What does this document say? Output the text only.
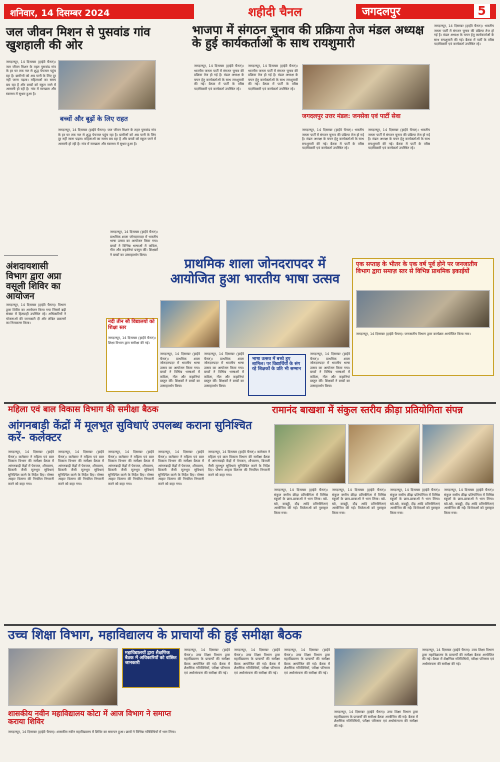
शनिवार, 14 दिसम्बर 2024	शहीदी चैनल	जगदलपुर	5
जल जीवन मिशन से पुसवांड गांव खुशहाली की ओर
जगदलपुर, 14 दिसम्बर (हाईवे चैनल)। जल जीवन मिशन के तहत पुसवांड गांव के हर घर तक नल से शुद्ध पेयजल पहुंच रहा है। ग्रामीणों को अब पानी के लिए दूर नहीं जाना पड़ता। महिलाओं का समय बच रहा है और बच्चों को स्कूल जाने में आसानी हो रही है। गांव में स्वच्छता और स्वास्थ्य में सुधार हुआ है।
बच्चों और बूढ़ों के लिए राहत
जगदलपुर, 14 दिसम्बर (हाईवे चैनल)। जल जीवन मिशन के तहत पुसवांड गांव के हर घर तक नल से शुद्ध पेयजल पहुंच रहा है। ग्रामीणों को अब पानी के लिए दूर नहीं जाना पड़ता। महिलाओं का समय बच रहा है और बच्चों को स्कूल जाने में आसानी हो रही है। गांव में स्वच्छता और स्वास्थ्य में सुधार हुआ है।
अंशदायशासी विभाग द्वारा अप्रा वसूली शिविर का आयोजन
जगदलपुर, 14 दिसम्बर (हाईवे चैनल)। विभाग द्वारा शिविर का आयोजन किया गया जिसमें बड़ी संख्या में हितग्राही उपस्थित रहे। अधिकारियों ने योजनाओं की जानकारी दी और लंबित प्रकरणों का निराकरण किया।
जगदलपुर, 14 दिसम्बर (हाईवे चैनल)। प्राथमिक शाला जोनदरापदर में भारतीय भाषा उत्सव का आयोजन किया गया। बच्चों ने विभिन्न भाषाओं में कविता, गीत और कहानियां प्रस्तुत कीं। शिक्षकों ने बच्चों का उत्साहवर्धन किया।
भाजपा में संगठन चुनाव की प्रक्रिया तेज मंडल अध्यक्ष के हुई कार्यकर्ताओं के साथ रायशुमारी
जगदलपुर, 14 दिसम्बर (हाईवे चैनल)। भारतीय जनता पार्टी में संगठन चुनाव की प्रक्रिया तेज हो गई है। मंडल अध्यक्ष के चयन हेतु कार्यकर्ताओं के साथ रायशुमारी की गई। बैठक में पार्टी के वरिष्ठ पदाधिकारी एवं कार्यकर्ता उपस्थित रहे।
जगदलपुर, 14 दिसम्बर (हाईवे चैनल)। भारतीय जनता पार्टी में संगठन चुनाव की प्रक्रिया तेज हो गई है। मंडल अध्यक्ष के चयन हेतु कार्यकर्ताओं के साथ रायशुमारी की गई। बैठक में पार्टी के वरिष्ठ पदाधिकारी एवं कार्यकर्ता उपस्थित रहे।
जगदलपुर उत्तर मंडल: जनसेवा एवं पार्टी सेवा
जगदलपुर, 14 दिसम्बर (हाईवे चैनल)। भारतीय जनता पार्टी में संगठन चुनाव की प्रक्रिया तेज हो गई है। मंडल अध्यक्ष के चयन हेतु कार्यकर्ताओं के साथ रायशुमारी की गई। बैठक में पार्टी के वरिष्ठ पदाधिकारी एवं कार्यकर्ता उपस्थित रहे।
जगदलपुर, 14 दिसम्बर (हाईवे चैनल)। भारतीय जनता पार्टी में संगठन चुनाव की प्रक्रिया तेज हो गई है। मंडल अध्यक्ष के चयन हेतु कार्यकर्ताओं के साथ रायशुमारी की गई। बैठक में पार्टी के वरिष्ठ पदाधिकारी एवं कार्यकर्ता उपस्थित रहे।
जगदलपुर, 14 दिसम्बर (हाईवे चैनल)। भारतीय जनता पार्टी में संगठन चुनाव की प्रक्रिया तेज हो गई है। मंडल अध्यक्ष के चयन हेतु कार्यकर्ताओं के साथ रायशुमारी की गई। बैठक में पार्टी के वरिष्ठ पदाधिकारी एवं कार्यकर्ता उपस्थित रहे।
एक सप्ताह के भीतर के एक वर्ष पूर्व होने पर जनजातीय विभाग द्वारा समाज़ स्तर से विभिन्न प्राथमिक इकाईयों
जगदलपुर, 14 दिसम्बर (हाईवे चैनल)। जनजातीय विभाग द्वारा कार्यक्रम आयोजित किया गया।
प्राथमिक शाला जोनदरापदर में आयोजित हुआ भारतीय भाषा उत्सव
जगदलपुर, 14 दिसम्बर (हाईवे चैनल)। प्राथमिक शाला जोनदरापदर में भारतीय भाषा उत्सव का आयोजन किया गया। बच्चों ने विभिन्न भाषाओं में कविता, गीत और कहानियां प्रस्तुत कीं। शिक्षकों ने बच्चों का उत्साहवर्धन किया।
जगदलपुर, 14 दिसम्बर (हाईवे चैनल)। प्राथमिक शाला जोनदरापदर में भारतीय भाषा उत्सव का आयोजन किया गया। बच्चों ने विभिन्न भाषाओं में कविता, गीत और कहानियां प्रस्तुत कीं। शिक्षकों ने बच्चों का उत्साहवर्धन किया।
भाषा उत्सव में बच्चे हुए शामिल। पर विद्यार्थियों के संग रहे शिक्षकों के प्रति भी सम्मान
जगदलपुर, 14 दिसम्बर (हाईवे चैनल)। प्राथमिक शाला जोनदरापदर में भारतीय भाषा उत्सव का आयोजन किया गया। बच्चों ने विभिन्न भाषाओं में कविता, गीत और कहानियां प्रस्तुत कीं। शिक्षकों ने बच्चों का उत्साहवर्धन किया।
नदी तीन सौ विद्यालयों को शिक्षा स्तर
जगदलपुर, 14 दिसम्बर (हाईवे चैनल)। शिक्षा विभाग द्वारा समीक्षा की गई।
महिला एवं बाल विकास विभाग की समीक्षा बैठक
आंगनबाड़ी केंद्रों में मूलभूत सुविधाएं उपलब्ध कराना सुनिश्चित करें- कलेक्टर
जगदलपुर, 14 दिसम्बर (हाईवे चैनल)। कलेक्टर ने महिला एवं बाल विकास विभाग की समीक्षा बैठक में आंगनबाड़ी केंद्रों में पेयजल, शौचालय, बिजली जैसी मूलभूत सुविधाएं सुनिश्चित करने के निर्देश दिए। पोषण आहार वितरण की नियमित निगरानी करने को कहा गया।
जगदलपुर, 14 दिसम्बर (हाईवे चैनल)। कलेक्टर ने महिला एवं बाल विकास विभाग की समीक्षा बैठक में आंगनबाड़ी केंद्रों में पेयजल, शौचालय, बिजली जैसी मूलभूत सुविधाएं सुनिश्चित करने के निर्देश दिए। पोषण आहार वितरण की नियमित निगरानी करने को कहा गया।
जगदलपुर, 14 दिसम्बर (हाईवे चैनल)। कलेक्टर ने महिला एवं बाल विकास विभाग की समीक्षा बैठक में आंगनबाड़ी केंद्रों में पेयजल, शौचालय, बिजली जैसी मूलभूत सुविधाएं सुनिश्चित करने के निर्देश दिए। पोषण आहार वितरण की नियमित निगरानी करने को कहा गया।
जगदलपुर, 14 दिसम्बर (हाईवे चैनल)। कलेक्टर ने महिला एवं बाल विकास विभाग की समीक्षा बैठक में आंगनबाड़ी केंद्रों में पेयजल, शौचालय, बिजली जैसी मूलभूत सुविधाएं सुनिश्चित करने के निर्देश दिए। पोषण आहार वितरण की नियमित निगरानी करने को कहा गया।
जगदलपुर, 14 दिसम्बर (हाईवे चैनल)। कलेक्टर ने महिला एवं बाल विकास विभाग की समीक्षा बैठक में आंगनबाड़ी केंद्रों में पेयजल, शौचालय, बिजली जैसी मूलभूत सुविधाएं सुनिश्चित करने के निर्देश दिए। पोषण आहार वितरण की नियमित निगरानी करने को कहा गया।
रामानंद बाखशा में संकुल स्तरीय क्रीड़ा प्रतियोगिता संपन्न
जगदलपुर, 14 दिसम्बर (हाईवे चैनल)। संकुल स्तरीय क्रीड़ा प्रतियोगिता में विभिन्न स्कूलों के छात्र-छात्राओं ने भाग लिया। खो-खो, कबड्डी, दौड़ आदि प्रतियोगिताएं आयोजित की गईं। विजेताओं को पुरस्कृत किया गया।
जगदलपुर, 14 दिसम्बर (हाईवे चैनल)। संकुल स्तरीय क्रीड़ा प्रतियोगिता में विभिन्न स्कूलों के छात्र-छात्राओं ने भाग लिया। खो-खो, कबड्डी, दौड़ आदि प्रतियोगिताएं आयोजित की गईं। विजेताओं को पुरस्कृत किया गया।
जगदलपुर, 14 दिसम्बर (हाईवे चैनल)। संकुल स्तरीय क्रीड़ा प्रतियोगिता में विभिन्न स्कूलों के छात्र-छात्राओं ने भाग लिया। खो-खो, कबड्डी, दौड़ आदि प्रतियोगिताएं आयोजित की गईं। विजेताओं को पुरस्कृत किया गया।
जगदलपुर, 14 दिसम्बर (हाईवे चैनल)। संकुल स्तरीय क्रीड़ा प्रतियोगिता में विभिन्न स्कूलों के छात्र-छात्राओं ने भाग लिया। खो-खो, कबड्डी, दौड़ आदि प्रतियोगिताएं आयोजित की गईं। विजेताओं को पुरस्कृत किया गया।
उच्च शिक्षा विभाग, महाविद्यालय के प्राचार्यों की हुई समीक्षा बैठक
महाविद्यालयों द्वारा शैक्षणिक बैठक में अधिकारियों को वांछित जानकारी
जगदलपुर, 14 दिसम्बर (हाईवे चैनल)। उच्च शिक्षा विभाग द्वारा महाविद्यालय के प्राचार्यों की समीक्षा बैठक आयोजित की गई। बैठक में शैक्षणिक गतिविधियों, परीक्षा परिणाम एवं अधोसंरचना की समीक्षा की गई।
जगदलपुर, 14 दिसम्बर (हाईवे चैनल)। उच्च शिक्षा विभाग द्वारा महाविद्यालय के प्राचार्यों की समीक्षा बैठक आयोजित की गई। बैठक में शैक्षणिक गतिविधियों, परीक्षा परिणाम एवं अधोसंरचना की समीक्षा की गई।
जगदलपुर, 14 दिसम्बर (हाईवे चैनल)। उच्च शिक्षा विभाग द्वारा महाविद्यालय के प्राचार्यों की समीक्षा बैठक आयोजित की गई। बैठक में शैक्षणिक गतिविधियों, परीक्षा परिणाम एवं अधोसंरचना की समीक्षा की गई।
जगदलपुर, 14 दिसम्बर (हाईवे चैनल)। उच्च शिक्षा विभाग द्वारा महाविद्यालय के प्राचार्यों की समीक्षा बैठक आयोजित की गई। बैठक में शैक्षणिक गतिविधियों, परीक्षा परिणाम एवं अधोसंरचना की समीक्षा की गई।
जगदलपुर, 14 दिसम्बर (हाईवे चैनल)। उच्च शिक्षा विभाग द्वारा महाविद्यालय के प्राचार्यों की समीक्षा बैठक आयोजित की गई। बैठक में शैक्षणिक गतिविधियों, परीक्षा परिणाम एवं अधोसंरचना की समीक्षा की गई।
शासकीय नवीन महाविद्यालय कोटा में आज विभाग ने समाप्त कराया शिविर
जगदलपुर, 14 दिसम्बर (हाईवे चैनल)। शासकीय नवीन महाविद्यालय में शिविर का समापन हुआ। छात्रों ने विभिन्न गतिविधियों में भाग लिया।
